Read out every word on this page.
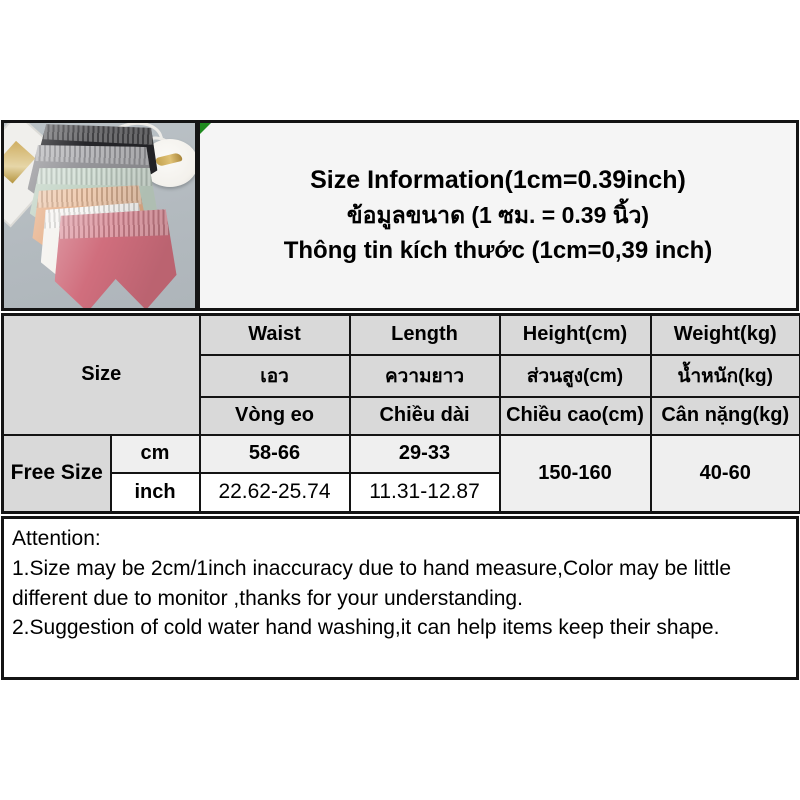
Size Information(1cm=0.39inch)
ข้อมูลขนาด (1 ซม. = 0.39 นิ้ว)
Thông tin kích thước (1cm=0,39 inch)
Size		Waist	Length	Height(cm)	Weight(kg)
		เอว	ความยาว	ส่วนสูง(cm)	น้ำหนัก(kg)
		Vòng eo	Chiều dài	Chiều cao(cm)	Cân nặng(kg)
Free Size	cm	58-66	29-33	150-160	40-60
	inch	22.62-25.74	11.31-12.87		
Attention:
1.Size may be 2cm/1inch inaccuracy due to hand measure,Color may be little different due to monitor ,thanks for your understanding.
2.Suggestion of cold water hand washing,it can help items keep their shape.
